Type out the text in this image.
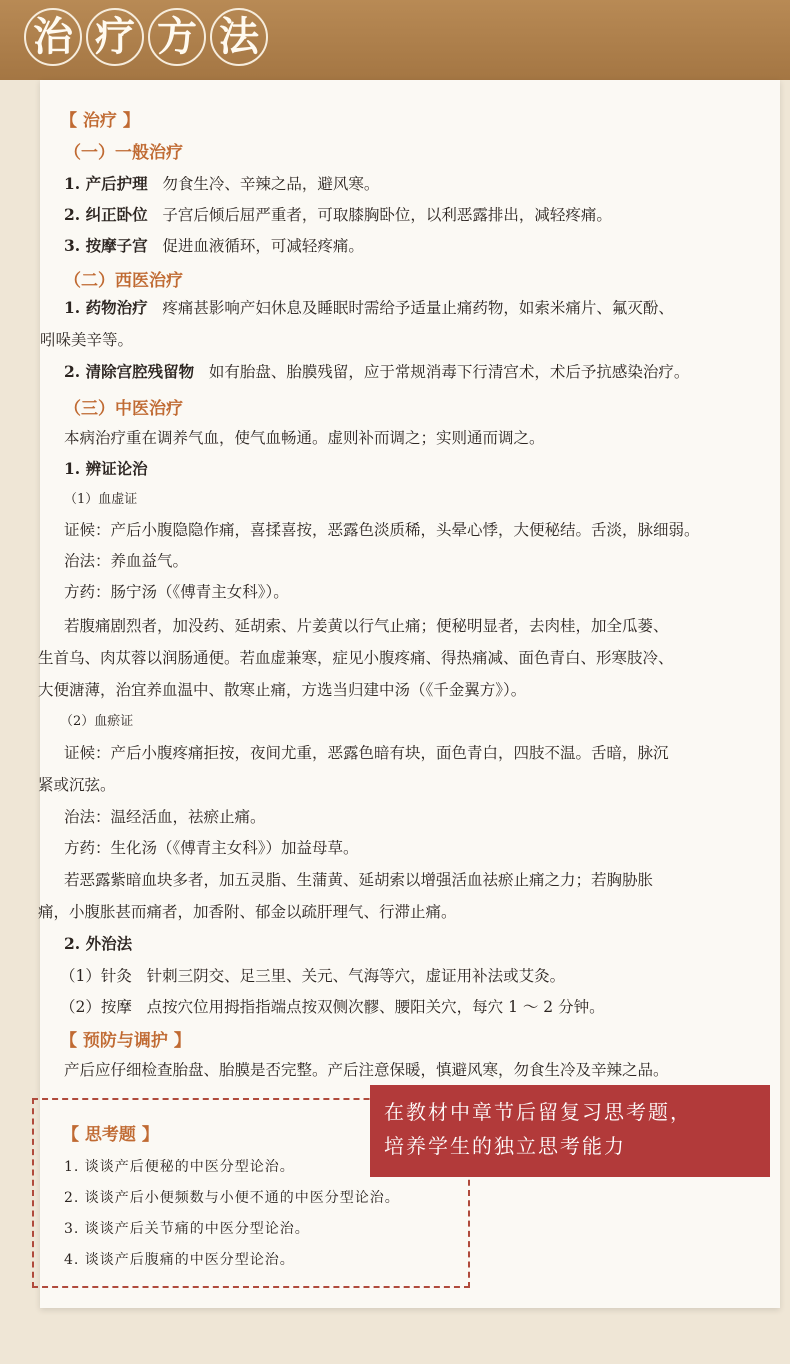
治 疗 方 法
【 治疗 】
（一）一般治疗
1. 产后护理 勿食生冷、辛辣之品，避风寒。
2. 纠正卧位 子宫后倾后屈严重者，可取膝胸卧位，以利恶露排出，减轻疼痛。
3. 按摩子宫 促进血液循环，可减轻疼痛。
（二）西医治疗
1. 药物治疗 疼痛甚影响产妇休息及睡眠时需给予适量止痛药物，如索米痛片、氟灭酚、
吲哚美辛等。
2. 清除宫腔残留物 如有胎盘、胎膜残留，应于常规消毒下行清宫术，术后予抗感染治疗。
（三）中医治疗
本病治疗重在调养气血，使气血畅通。虚则补而调之；实则通而调之。
1. 辨证论治
（1）血虚证
证候：产后小腹隐隐作痛，喜揉喜按，恶露色淡质稀，头晕心悸，大便秘结。舌淡，脉细弱。
治法：养血益气。
方药：肠宁汤（《傅青主女科》）。
若腹痛剧烈者，加没药、延胡索、片姜黄以行气止痛；便秘明显者，去肉桂，加全瓜蒌、
生首乌、肉苁蓉以润肠通便。若血虚兼寒，症见小腹疼痛、得热痛减、面色青白、形寒肢冷、
大便溏薄，治宜养血温中、散寒止痛，方选当归建中汤（《千金翼方》）。
（2）血瘀证
证候：产后小腹疼痛拒按，夜间尤重，恶露色暗有块，面色青白，四肢不温。舌暗，脉沉
紧或沉弦。
治法：温经活血，祛瘀止痛。
方药：生化汤（《傅青主女科》）加益母草。
若恶露紫暗血块多者，加五灵脂、生蒲黄、延胡索以增强活血祛瘀止痛之力；若胸胁胀
痛，小腹胀甚而痛者，加香附、郁金以疏肝理气、行滞止痛。
2. 外治法
（1）针灸 针刺三阴交、足三里、关元、气海等穴，虚证用补法或艾灸。
（2）按摩 点按穴位用拇指指端点按双侧次髎、腰阳关穴，每穴 1 ～ 2 分钟。
【 预防与调护 】
产后应仔细检查胎盘、胎膜是否完整。产后注意保暖，慎避风寒，勿食生冷及辛辣之品。
【 思考题 】
1. 谈谈产后便秘的中医分型论治。
2. 谈谈产后小便频数与小便不通的中医分型论治。
3. 谈谈产后关节痛的中医分型论治。
4. 谈谈产后腹痛的中医分型论治。
在教材中章节后留复习思考题，
培养学生的独立思考能力
